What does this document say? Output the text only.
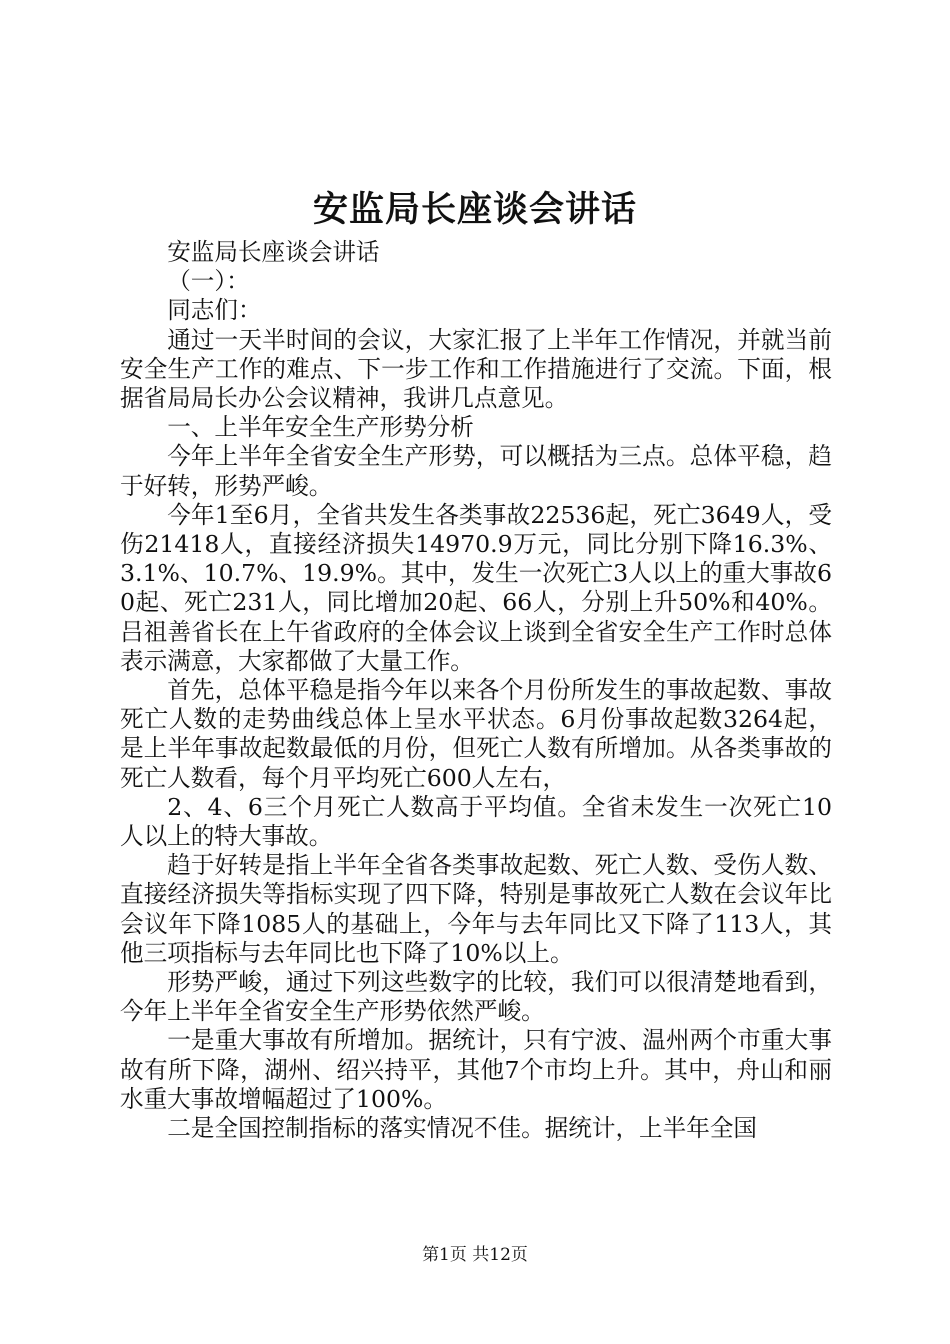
安监局长座谈会讲话

安监局长座谈会讲话

（一）：

同志们：

通过一天半时间的会议，大家汇报了上半年工作情况，并就当前安全生产工作的难点、下一步工作和工作措施进行了交流。下面，根据省局局长办公会议精神，我讲几点意见。

一、上半年安全生产形势分析

今年上半年全省安全生产形势，可以概括为三点。总体平稳，趋于好转，形势严峻。

今年1至6月，全省共发生各类事故22536起，死亡3649人，受伤21418人，直接经济损失14970.9万元，同比分别下降16.3%、3.1%、10.7%、19.9%。其中，发生一次死亡3人以上的重大事故60起、死亡231人，同比增加20起、66人，分别上升50%和40%。吕祖善省长在上午省政府的全体会议上谈到全省安全生产工作时总体表示满意，大家都做了大量工作。

首先，总体平稳是指今年以来各个月份所发生的事故起数、事故死亡人数的走势曲线总体上呈水平状态。6月份事故起数3264起，是上半年事故起数最低的月份，但死亡人数有所增加。从各类事故的死亡人数看，每个月平均死亡600人左右，

2、4、6三个月死亡人数高于平均值。全省未发生一次死亡10人以上的特大事故。

趋于好转是指上半年全省各类事故起数、死亡人数、受伤人数、直接经济损失等指标实现了四下降，特别是事故死亡人数在会议年比会议年下降1085人的基础上，今年与去年同比又下降了113人，其他三项指标与去年同比也下降了10%以上。

形势严峻，通过下列这些数字的比较，我们可以很清楚地看到，今年上半年全省安全生产形势依然严峻。

一是重大事故有所增加。据统计，只有宁波、温州两个市重大事故有所下降，湖州、绍兴持平，其他7个市均上升。其中，舟山和丽水重大事故增幅超过了100%。

二是全国控制指标的落实情况不佳。据统计，上半年全国

第1页 共12页
